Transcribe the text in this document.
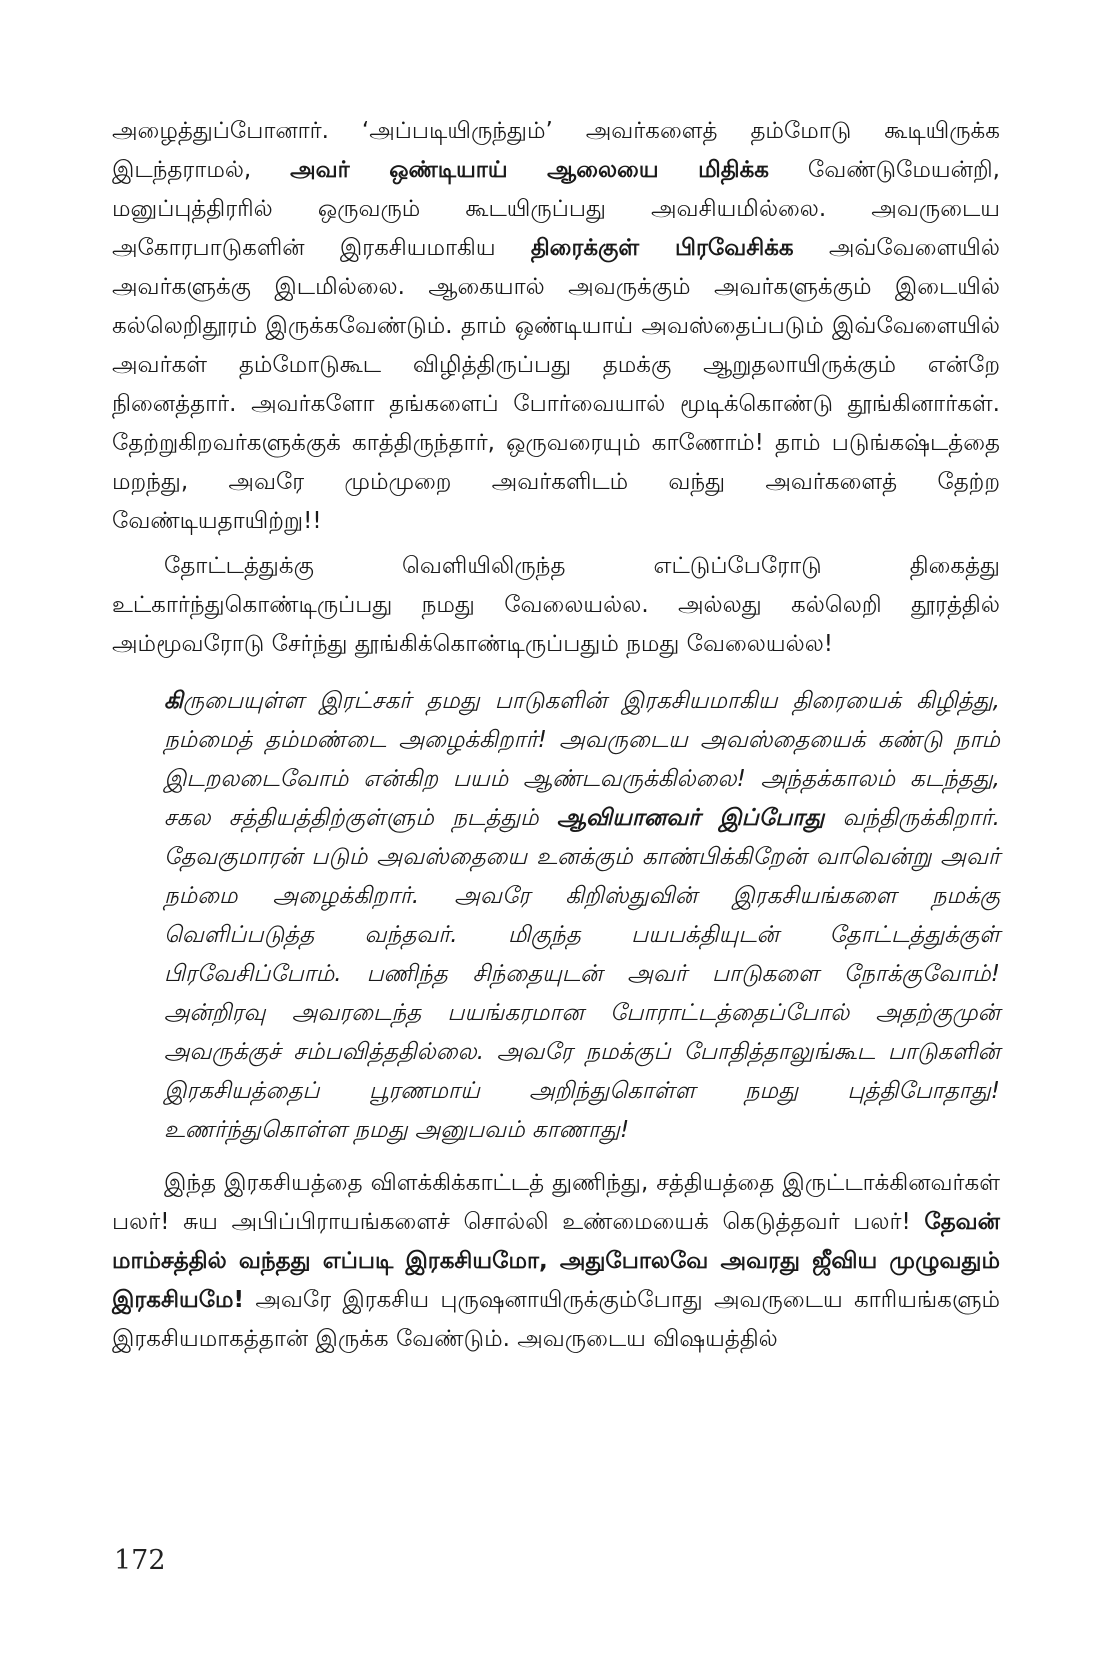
அழைத்துப்போனார். ‘அப்படியிருந்தும்’ அவர்களைத் தம்மோடு கூடியிருக்க இடந்தராமல், அவர் ஒண்டியாய் ஆலையை மிதிக்க வேண்டுமேயன்றி, மனுப்புத்திரரில் ஒருவரும் கூடயிருப்பது அவசியமில்லை. அவருடைய அகோரபாடுகளின் இரகசியமாகிய திரைக்குள் பிரவேசிக்க அவ்வேளையில் அவர்களுக்கு இடமில்லை. ஆகையால் அவருக்கும் அவர்களுக்கும் இடையில் கல்லெறிதூரம் இருக்கவேண்டும். தாம் ஒண்டியாய் அவஸ்தைப்படும் இவ்வேளையில் அவர்கள் தம்மோடுகூட விழித்திருப்பது தமக்கு ஆறுதலாயிருக்கும் என்றே நினைத்தார். அவர்களோ தங்களைப் போர்வையால் மூடிக்கொண்டு தூங்கினார்கள். தேற்றுகிறவர்களுக்குக் காத்திருந்தார், ஒருவரையும் காணோம்! தாம் படுங்கஷ்டத்தை மறந்து, அவரே மும்முறை அவர்களிடம் வந்து அவர்களைத் தேற்ற வேண்டியதாயிற்று!!

தோட்டத்துக்கு வெளியிலிருந்த எட்டுப்பேரோடு திகைத்து உட்கார்ந்துகொண்டிருப்பது நமது வேலையல்ல. அல்லது கல்லெறி தூரத்தில் அம்மூவரோடு சேர்ந்து தூங்கிக்கொண்டிருப்பதும் நமது வேலையல்ல!

கிருபையுள்ள இரட்சகர் தமது பாடுகளின் இரகசியமாகிய திரையைக் கிழித்து, நம்மைத் தம்மண்டை அழைக்கிறார்! அவருடைய அவஸ்தையைக் கண்டு நாம் இடறலடைவோம் என்கிற பயம் ஆண்டவருக்கில்லை! அந்தக்காலம் கடந்தது, சகல சத்தியத்திற்குள்ளும் நடத்தும் ஆவியானவர் இப்போது வந்திருக்கிறார். தேவகுமாரன் படும் அவஸ்தையை உனக்கும் காண்பிக்கிறேன் வாவென்று அவர் நம்மை அழைக்கிறார். அவரே கிறிஸ்துவின் இரகசியங்களை நமக்கு வெளிப்படுத்த வந்தவர். மிகுந்த பயபக்தியுடன் தோட்டத்துக்குள் பிரவேசிப்போம். பணிந்த சிந்தையுடன் அவர் பாடுகளை நோக்குவோம்! அன்றிரவு அவரடைந்த பயங்கரமான போராட்டத்தைப்போல் அதற்குமுன் அவருக்குச் சம்பவித்ததில்லை. அவரே நமக்குப் போதித்தாலுங்கூட பாடுகளின் இரகசியத்தைப் பூரணமாய் அறிந்துகொள்ள நமது புத்திபோதாது! உணர்ந்துகொள்ள நமது அனுபவம் காணாது!

இந்த இரகசியத்தை விளக்கிக்காட்டத் துணிந்து, சத்தியத்தை இருட்டாக்கினவர்கள் பலர்! சுய அபிப்பிராயங்களைச் சொல்லி உண்மையைக் கெடுத்தவர் பலர்! தேவன் மாம்சத்தில் வந்தது எப்படி இரகசியமோ, அதுபோலவே அவரது ஜீவிய முழுவதும் இரகசியமே! அவரே இரகசிய புருஷனாயிருக்கும்போது அவருடைய காரியங்களும் இரகசியமாகத்தான் இருக்க வேண்டும். அவருடைய விஷயத்தில்

172
